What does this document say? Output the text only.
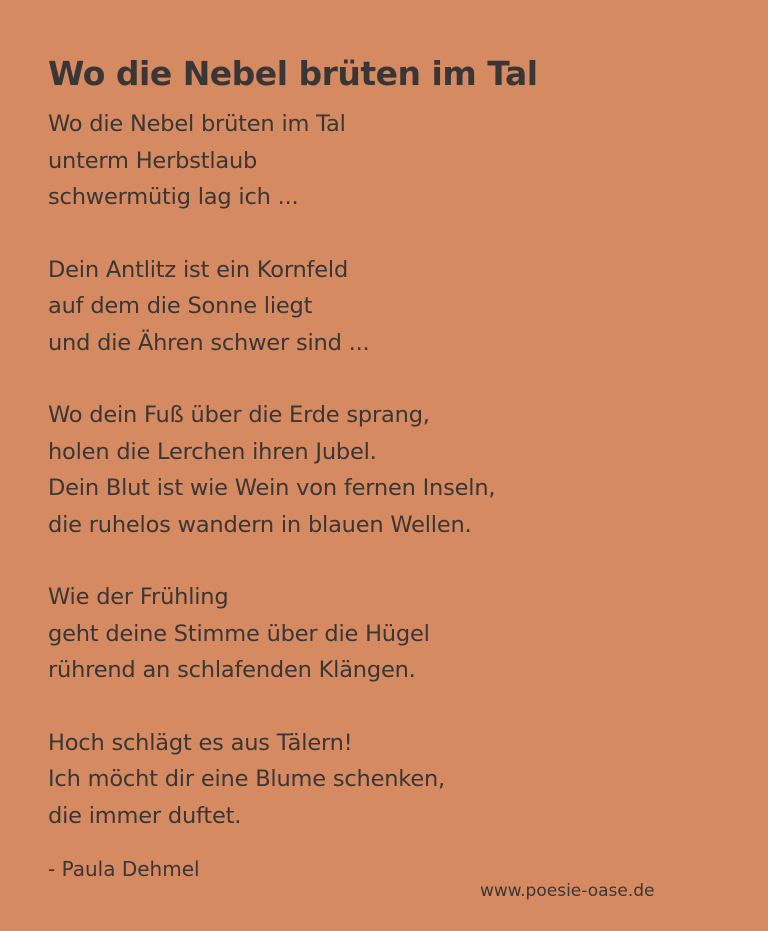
Wo die Nebel brüten im Tal

Wo die Nebel brüten im Tal
unterm Herbstlaub
schwermütig lag ich ...

Dein Antlitz ist ein Kornfeld
auf dem die Sonne liegt
und die Ähren schwer sind ...

Wo dein Fuß über die Erde sprang,
holen die Lerchen ihren Jubel.
Dein Blut ist wie Wein von fernen Inseln,
die ruhelos wandern in blauen Wellen.

Wie der Frühling
geht deine Stimme über die Hügel
rührend an schlafenden Klängen.

Hoch schlägt es aus Tälern!
Ich möcht dir eine Blume schenken,
die immer duftet.

- Paula Dehmel
www.poesie-oase.de
